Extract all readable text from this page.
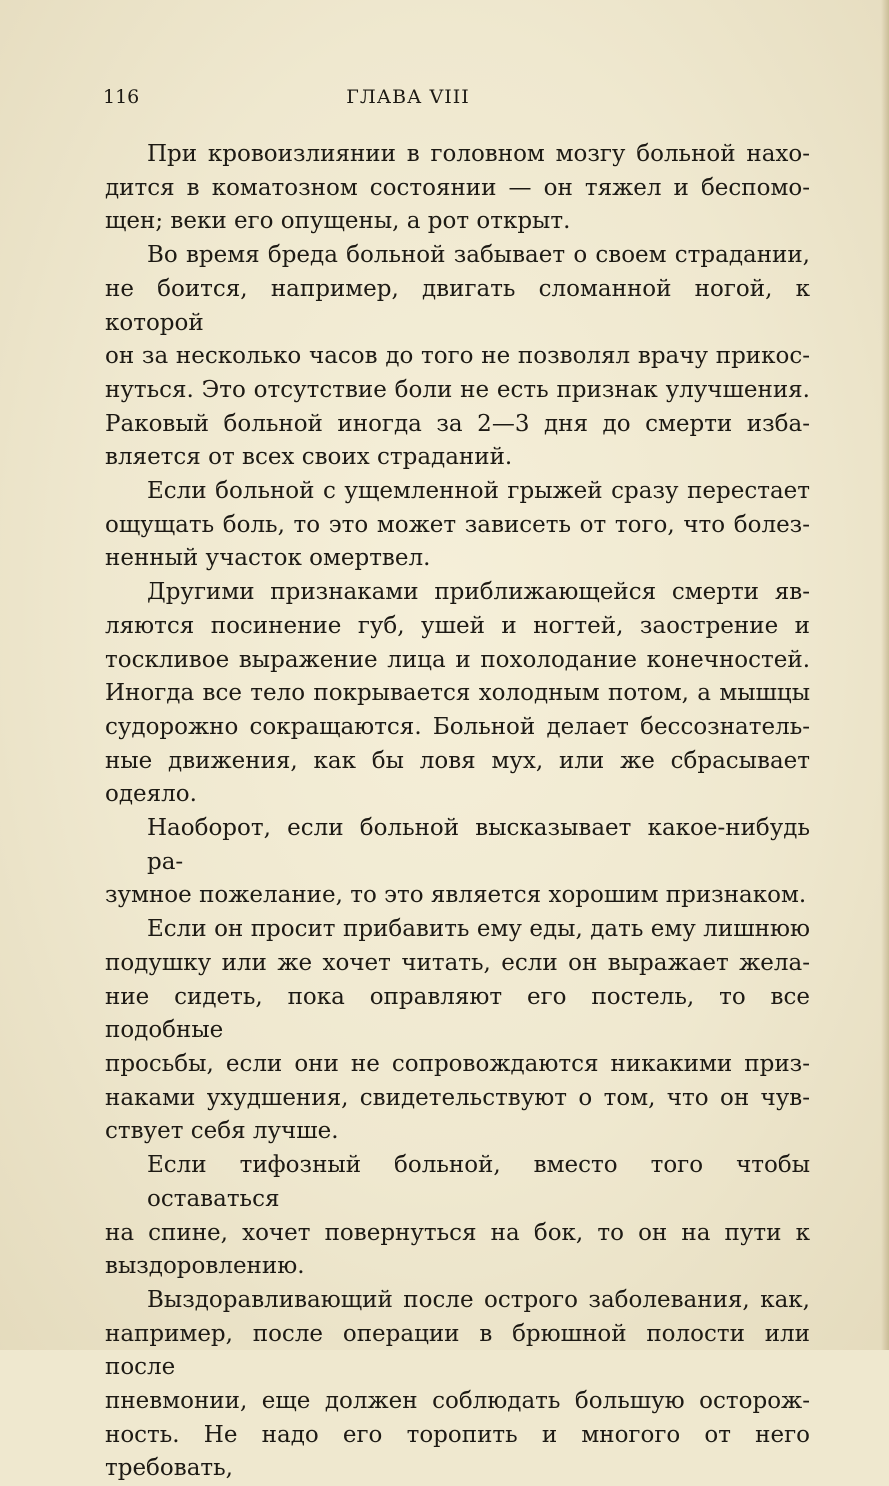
116	ГЛАВА VIII
При кровоизлиянии в головном мозгу больной нахо-
дится в коматозном состоянии — он тяжел и беспомо-
щен; веки его опущены, а рот открыт.
Во время бреда больной забывает о своем страдании,
не боится, например, двигать сломанной ногой, к которой
он за несколько часов до того не позволял врачу прикос-
нуться. Это отсутствие боли не есть признак улучшения.
Раковый больной иногда за 2—3 дня до смерти изба-
вляется от всех своих страданий.
Если больной с ущемленной грыжей сразу перестает
ощущать боль, то это может зависеть от того, что болез-
ненный участок омертвел.
Другими признаками приближающейся смерти яв-
ляются посинение губ, ушей и ногтей, заострение и
тоскливое выражение лица и похолодание конечностей.
Иногда все тело покрывается холодным потом, а мышцы
судорожно сокращаются. Больной делает бессознатель-
ные движения, как бы ловя мух, или же сбрасывает
одеяло.
Наоборот, если больной высказывает какое-нибудь ра-
зумное пожелание, то это является хорошим признаком.
Если он просит прибавить ему еды, дать ему лишнюю
подушку или же хочет читать, если он выражает жела-
ние сидеть, пока оправляют его постель, то все подобные
просьбы, если они не сопровождаются никакими приз-
наками ухудшения, свидетельствуют о том, что он чув-
ствует себя лучше.
Если тифозный больной, вместо того чтобы оставаться
на спине, хочет повернуться на бок, то он на пути к
выздоровлению.
Выздоравливающий после острого заболевания, как,
например, после операции в брюшной полости или после
пневмонии, еще должен соблюдать большую осторож-
ность. Не надо его торопить и многого от него требовать,
